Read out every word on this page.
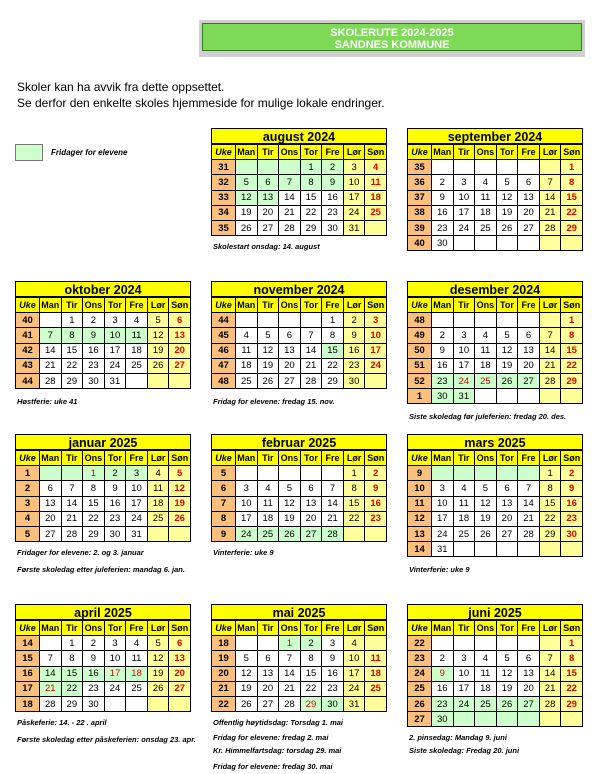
SKOLERUTE 2024-2025
SANDNES KOMMUNE
Skoler kan ha avvik fra dette oppsettet.
Se derfor den enkelte skoles hjemmeside for mulige lokale endringer.
Fridager for elevene
august 2024
Uke	Man	Tir	Ons	Tor	Fre	Lør	Søn
31				1	2	3	4
32	5	6	7	8	9	10	11
33	12	13	14	15	16	17	18
34	19	20	21	22	23	24	25
35	26	27	28	29	30	31	
september 2024
Uke	Man	Tir	Ons	Tor	Fre	Lør	Søn
35							1
36	2	3	4	5	6	7	8
37	9	10	11	12	13	14	15
38	16	17	18	19	20	21	22
39	23	24	25	26	27	28	29
40	30						
oktober 2024
Uke	Man	Tir	Ons	Tor	Fre	Lør	Søn
40		1	2	3	4	5	6
41	7	8	9	10	11	12	13
42	14	15	16	17	18	19	20
43	21	22	23	24	25	26	27
44	28	29	30	31			
november 2024
Uke	Man	Tir	Ons	Tor	Fre	Lør	Søn
44					1	2	3
45	4	5	6	7	8	9	10
46	11	12	13	14	15	16	17
47	18	19	20	21	22	23	24
48	25	26	27	28	29	30	
desember 2024
Uke	Man	Tir	Ons	Tor	Fre	Lør	Søn
48							1
49	2	3	4	5	6	7	8
50	9	10	11	12	13	14	15
51	16	17	18	19	20	21	22
52	23	24	25	26	27	28	29
1	30	31					
januar 2025
Uke	Man	Tir	Ons	Tor	Fre	Lør	Søn
1			1	2	3	4	5
2	6	7	8	9	10	11	12
3	13	14	15	16	17	18	19
4	20	21	22	23	24	25	26
5	27	28	29	30	31		
februar 2025
Uke	Man	Tir	Ons	Tor	Fre	Lør	Søn
5						1	2
6	3	4	5	6	7	8	9
7	10	11	12	13	14	15	16
8	17	18	19	20	21	22	23
9	24	25	26	27	28		
mars 2025
Uke	Man	Tir	Ons	Tor	Fre	Lør	Søn
9						1	2
10	3	4	5	6	7	8	9
11	10	11	12	13	14	15	16
12	17	18	19	20	21	22	23
13	24	25	26	27	28	29	30
14	31						
april 2025
Uke	Man	Tir	Ons	Tor	Fre	Lør	Søn
14		1	2	3	4	5	6
15	7	8	9	10	11	12	13
16	14	15	16	17	18	19	20
17	21	22	23	24	25	26	27
18	28	29	30				
mai 2025
Uke	Man	Tir	Ons	Tor	Fre	Lør	Søn
18			1	2	3	4	
19	5	6	7	8	9	10	11
20	12	13	14	15	16	17	18
21	19	20	21	22	23	24	25
22	26	27	28	29	30	31	
juni 2025
Uke	Man	Tir	Ons	Tor	Fre	Lør	Søn
22							1
23	2	3	4	5	6	7	8
24	9	10	11	12	13	14	15
25	16	17	18	19	20	21	22
26	23	24	25	26	27	28	29
27	30						
Skolestart onsdag: 14. august
Høstferie: uke 41	Fridag for elevene: fredag 15. nov.
Siste skoledag før juleferien: fredag 20. des.
Fridager for elevene: 2. og 3. januar
Første skoledag etter juleferien: mandag 6. jan.
Vinterferie: uke 9
Vinterferie: uke 9
Påskeferie: 14. - 22 . april
Første skoledag etter påskeferien: onsdag 23. apr.
Offentlig høytidsdag: Torsdag 1. mai
Fridag for elevene: fredag 2. mai
Kr. Himmelfartsdag: torsdag 29. mai
Fridag for elevene: fredag 30. mai
2. pinsedag: Mandag 9. juni
Siste skoledag: Fredag 20. juni
